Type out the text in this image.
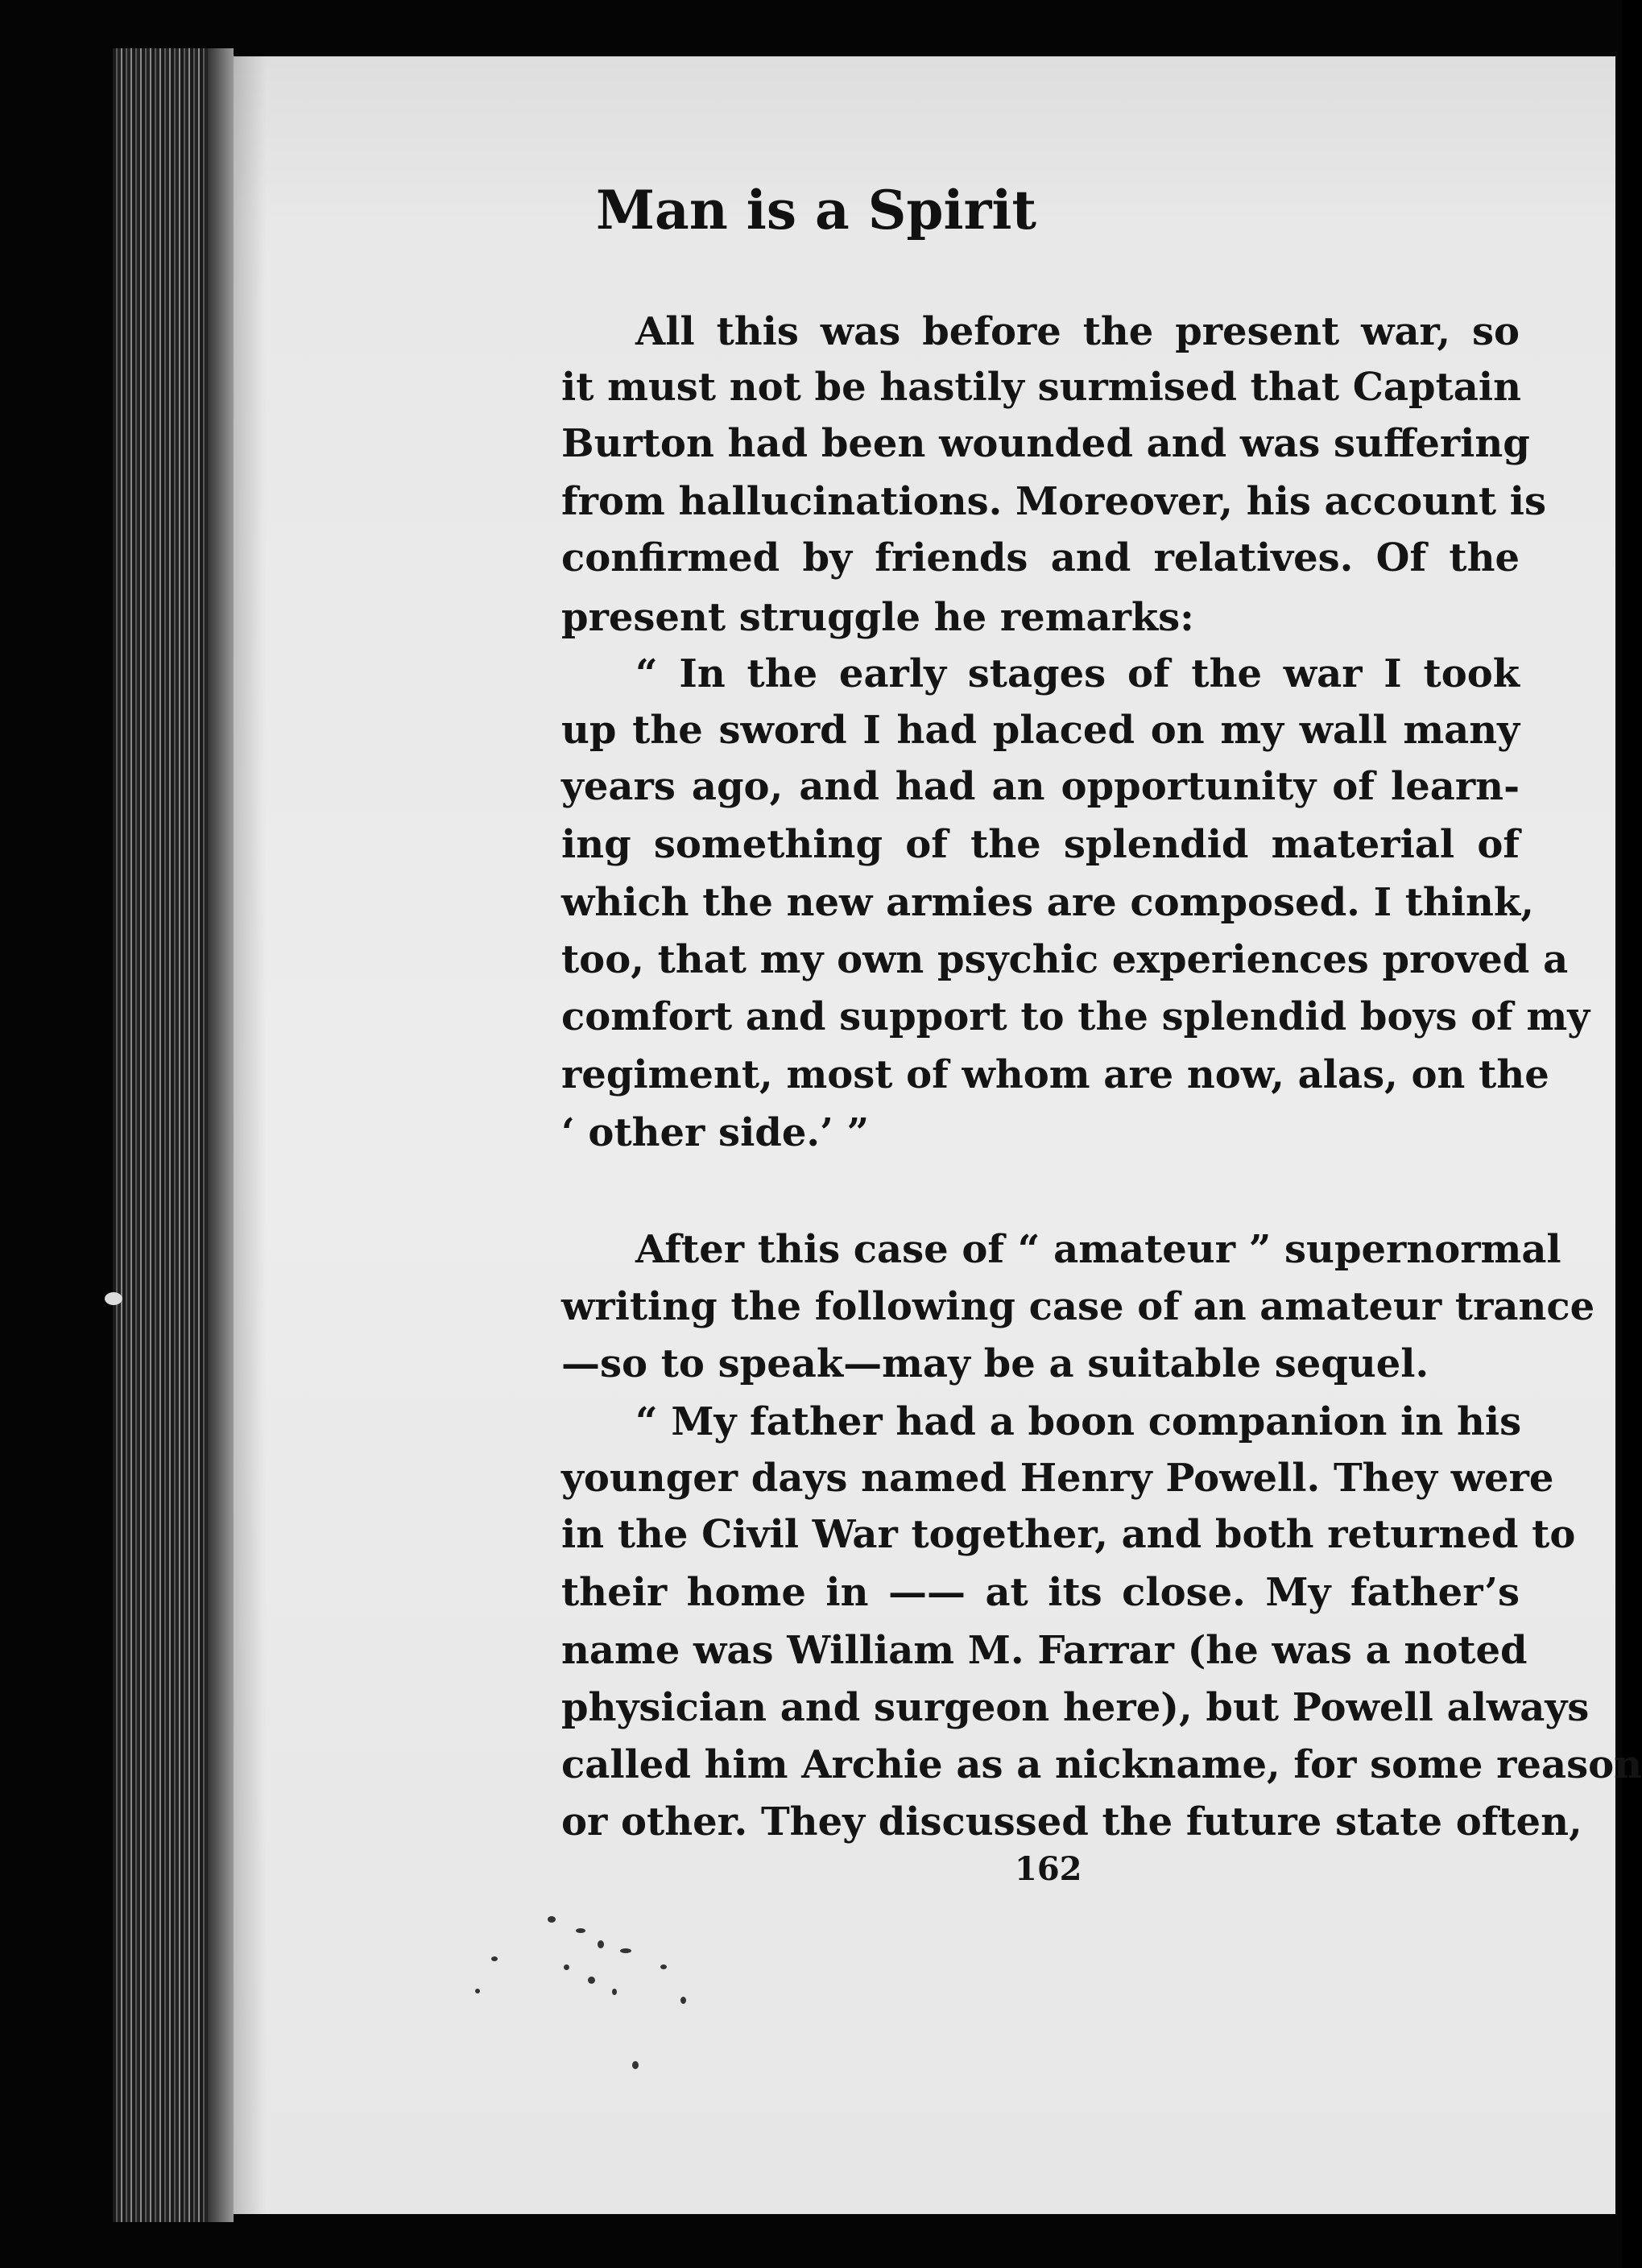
Man is a Spirit
All this was before the present war, so
it must not be hastily surmised that Captain
Burton had been wounded and was suffering
from hallucinations. Moreover, his account is
confirmed by friends and relatives. Of the
present struggle he remarks:
“ In the early stages of the war I took
up the sword I had placed on my wall many
years ago, and had an opportunity of learn-
ing something of the splendid material of
which the new armies are composed. I think,
too, that my own psychic experiences proved a
comfort and support to the splendid boys of my
regiment, most of whom are now, alas, on the
‘ other side.’ ”
After this case of “ amateur ” supernormal
writing the following case of an amateur trance
—so to speak—may be a suitable sequel.
“ My father had a boon companion in his
younger days named Henry Powell. They were
in the Civil War together, and both returned to
their home in —— at its close. My father’s
name was William M. Farrar (he was a noted
physician and surgeon here), but Powell always
called him Archie as a nickname, for some reason
or other. They discussed the future state often,
162
